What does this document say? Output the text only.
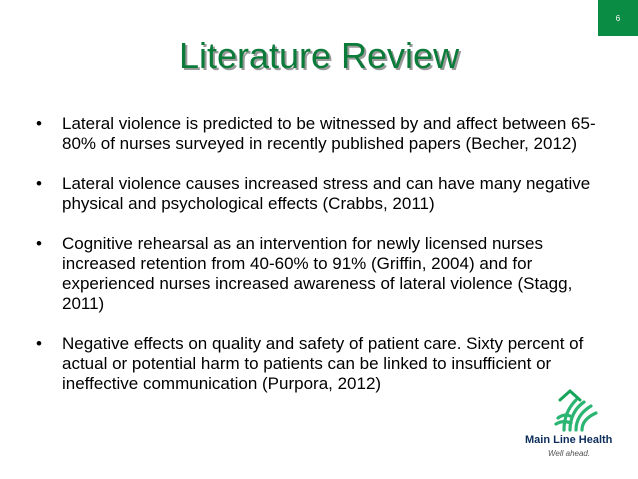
6
Literature Review
•	Lateral violence is predicted to be witnessed by and affect between 65-80% of nurses surveyed in recently published papers (Becher, 2012)
•	Lateral violence causes increased stress and can have many negative physical and psychological effects (Crabbs, 2011)
•	Cognitive rehearsal as an intervention for newly licensed nurses increased retention from 40-60% to 91% (Griffin, 2004) and for experienced nurses increased awareness of lateral violence (Stagg, 2011)
•	Negative effects on quality and safety of patient care. Sixty percent of actual or potential harm to patients can be linked to insufficient or ineffective communication (Purpora, 2012)
Main Line Health
Well ahead.
